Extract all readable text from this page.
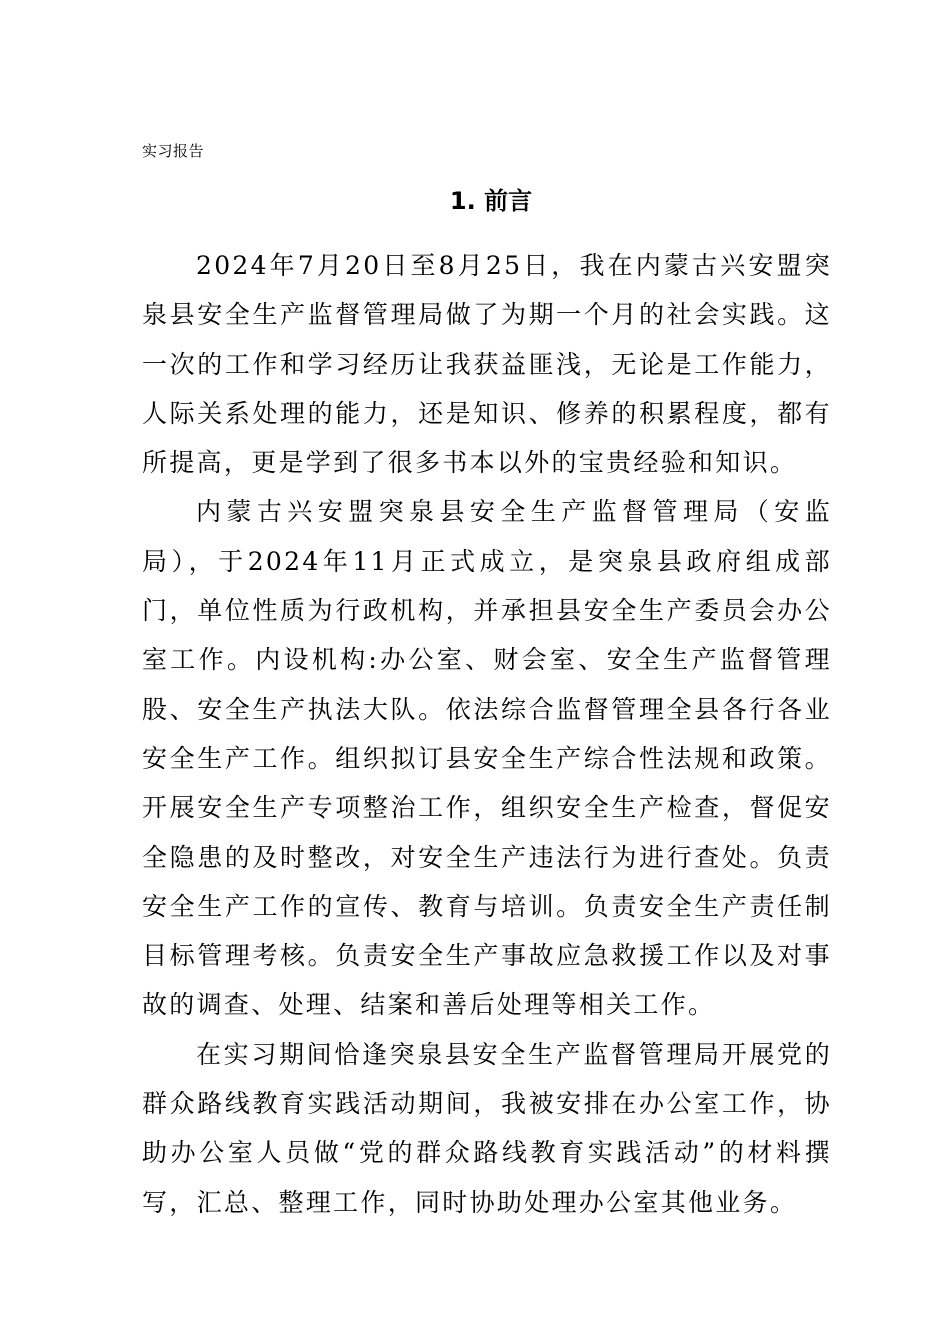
实习报告
1. 前言

2024年7月20日至8月25日，我在内蒙古兴安盟突泉县安全生产监督管理局做了为期一个月的社会实践。这一次的工作和学习经历让我获益匪浅，无论是工作能力，人际关系处理的能力，还是知识、修养的积累程度，都有所提高，更是学到了很多书本以外的宝贵经验和知识。

内蒙古兴安盟突泉县安全生产监督管理局（安监局），于2024年11月正式成立，是突泉县政府组成部门，单位性质为行政机构，并承担县安全生产委员会办公室工作。内设机构:办公室、财会室、安全生产监督管理股、安全生产执法大队。依法综合监督管理全县各行各业安全生产工作。组织拟订县安全生产综合性法规和政策。开展安全生产专项整治工作，组织安全生产检查，督促安全隐患的及时整改，对安全生产违法行为进行查处。负责安全生产工作的宣传、教育与培训。负责安全生产责任制目标管理考核。负责安全生产事故应急救援工作以及对事故的调查、处理、结案和善后处理等相关工作。

在实习期间恰逢突泉县安全生产监督管理局开展党的群众路线教育实践活动期间，我被安排在办公室工作，协助办公室人员做“党的群众路线教育实践活动”的材料撰写，汇总、整理工作，同时协助处理办公室其他业务。
